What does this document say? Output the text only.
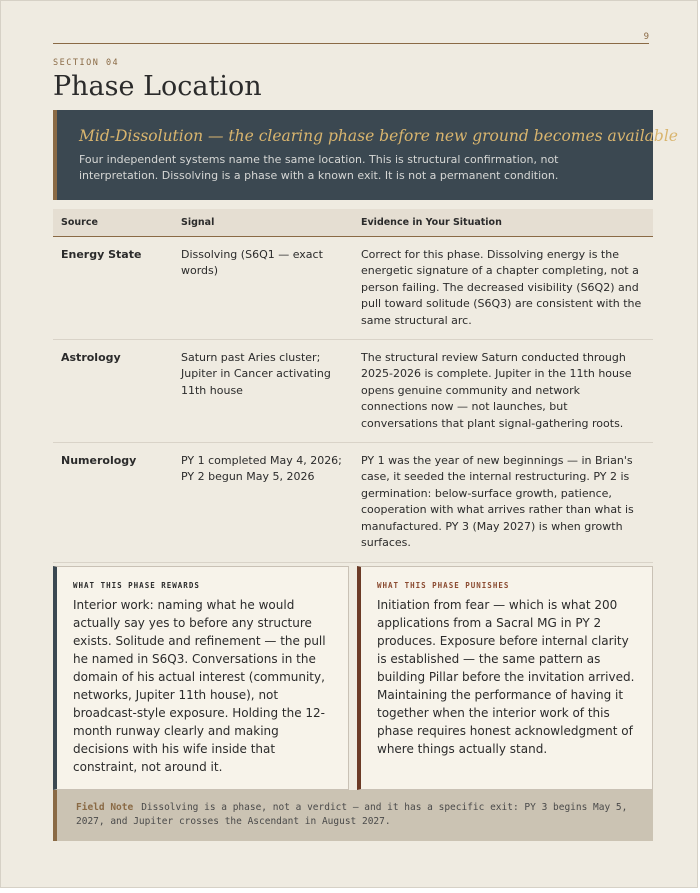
9
SECTION 04
Phase Location
Mid-Dissolution — the clearing phase before new ground becomes available
Four independent systems name the same location. This is structural confirmation, not interpretation. Dissolving is a phase with a known exit. It is not a permanent condition.
Source	Signal	Evidence in Your Situation
Energy State	Dissolving (S6Q1 — exact words)	Correct for this phase. Dissolving energy is the energetic signature of a chapter completing, not a person failing. The decreased visibility (S6Q2) and pull toward solitude (S6Q3) are consistent with the same structural arc.
Astrology	Saturn past Aries cluster; Jupiter in Cancer activating 11th house	The structural review Saturn conducted through 2025-2026 is complete. Jupiter in the 11th house opens genuine community and network connections now — not launches, but conversations that plant signal-gathering roots.
Numerology	PY 1 completed May 4, 2026; PY 2 begun May 5, 2026	PY 1 was the year of new beginnings — in Brian's case, it seeded the internal restructuring. PY 2 is germination: below-surface growth, patience, cooperation with what arrives rather than what is manufactured. PY 3 (May 2027) is when growth surfaces.
WHAT THIS PHASE REWARDS
Interior work: naming what he would actually say yes to before any structure exists. Solitude and refinement — the pull he named in S6Q3. Conversations in the domain of his actual interest (community, networks, Jupiter 11th house), not broadcast-style exposure. Holding the 12-month runway clearly and making decisions with his wife inside that constraint, not around it.
WHAT THIS PHASE PUNISHES
Initiation from fear — which is what 200 applications from a Sacral MG in PY 2 produces. Exposure before internal clarity is established — the same pattern as building Pillar before the invitation arrived. Maintaining the performance of having it together when the interior work of this phase requires honest acknowledgment of where things actually stand.
Field Note Dissolving is a phase, not a verdict — and it has a specific exit: PY 3 begins May 5, 2027, and Jupiter crosses the Ascendant in August 2027.
